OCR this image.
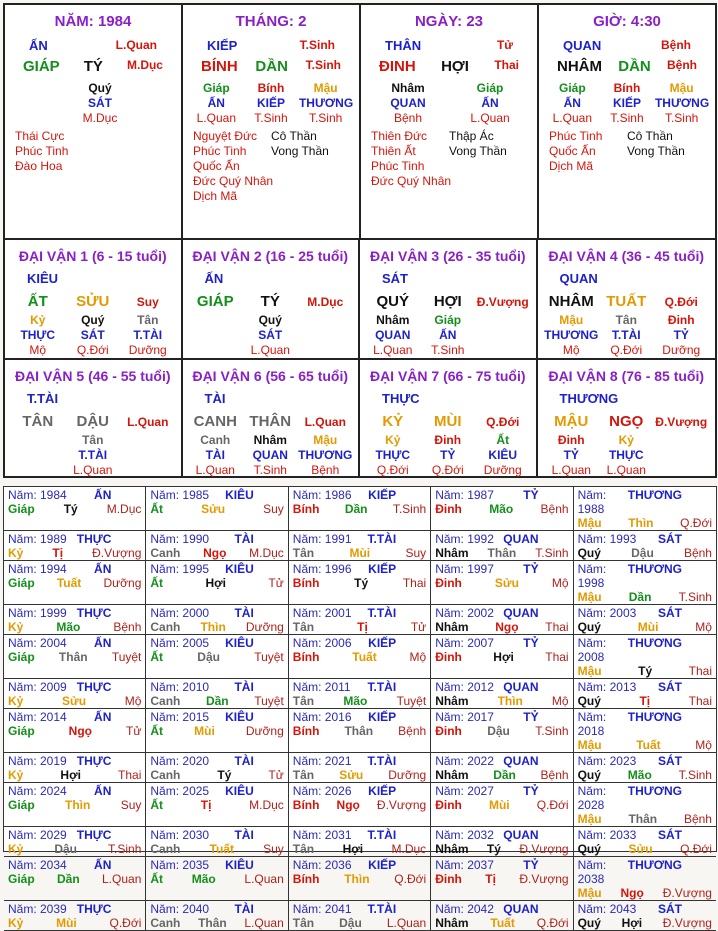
NĂM: 1984
ẤN	L.Quan
GIÁP TÝ M.Dục
Quý
SÁT
M.Dục
Thái Cực
Phúc Tinh
Đào Hoa
THÁNG: 2
KIẾP	T.Sinh
BÍNH DẦN T.Sinh
Giáp	Bính	Mậu
ẤN	KIẾP	THƯƠNG
L.Quan	T.Sinh	T.Sinh
Nguyệt Đức
Phúc Tinh
Quốc Ấn
Đức Quý Nhân
Dịch Mã
Cô Thần
Vong Thần
NGÀY: 23
THÂN	Tử
ĐINH HỢI Thai
Nhâm	Giáp
QUAN	ẤN
Bệnh	L.Quan
Thiên Đức
Thiên Ất
Phúc Tinh
Đức Quý Nhân
Thập Ác
Vong Thần
GIỜ: 4:30
QUAN	Bệnh
NHÂM DẦN Bệnh
Giáp	Bính	Mậu
ẤN	KIẾP	THƯƠNG
L.Quan	T.Sinh	T.Sinh
Phúc Tinh
Quốc Ấn
Dịch Mã
Cô Thần
Vong Thần
ĐẠI VẬN 1 (6 - 15 tuổi)
KIÊU
ẤT	SỬU	Suy
Kỷ	Quý	Tân
THỰC	SÁT	T.TÀI
Mộ	Q.Đới	Dưỡng
ĐẠI VẬN 2 (16 - 25 tuổi)
ẤN
GIÁP	TÝ	M.Dục
Quý
SÁT
L.Quan
ĐẠI VẬN 3 (26 - 35 tuổi)
SÁT
QUÝ	HỢI	Đ.Vượng
Nhâm	Giáp
QUAN	ẤN
L.Quan	T.Sinh
ĐẠI VẬN 4 (36 - 45 tuổi)
QUAN
NHÂM TUẤT	Q.Đới
Mậu	Tân	Đinh
THƯƠNG	T.TÀI	TỶ
Mộ	Q.Đới	Dưỡng
ĐẠI VẬN 5 (46 - 55 tuổi)
T.TÀI
TÂN	DẬU	L.Quan
Tân
T.TÀI
L.Quan
ĐẠI VẬN 6 (56 - 65 tuổi)
TÀI
CANH THÂN	L.Quan
Canh	Nhâm	Mậu
TÀI	QUAN THƯƠNG
L.Quan	T.Sinh	Bệnh
ĐẠI VẬN 7 (66 - 75 tuổi)
THỰC
KỶ	MÙI	Q.Đới
Kỷ	Đinh	Ất
THỰC	TỶ	KIÊU
Q.Đới	Q.Đới	Dưỡng
ĐẠI VẬN 8 (76 - 85 tuổi)
THƯƠNG
MẬU	NGỌ Đ.Vượng
Đinh	Kỷ
TỶ	THỰC
L.Quan	L.Quan
Năm: 1984 ẤN
Giáp Tý M.Dục
Năm: 1985 KIÊU
Ất	Sửu	Suy
Năm: 1986 KIẾP
Bính Dần T.Sinh
Năm: 1987 TỶ
Đinh Mão Bệnh
Năm: 1988
THƯƠNG
Mậu Thìn Q.Đới
Năm: 1989 THỰC
Kỷ Tị Đ.Vượng
Năm: 1990 TÀI
Canh Ngọ M.Dục
Năm: 1991 T.TÀI
Tân	Mùi	Suy
Năm: 1992 QUAN
Nhâm Thân T.Sinh
Năm: 1993 SÁT
Quý	Dậu	Bệnh
Năm: 1994 ẤN
Giáp Tuất Dưỡng
Năm: 1995 KIÊU
Ất	Hợi	Tử
Năm: 1996 KIẾP
Bính	Tý	Thai
Năm: 1997 TỶ
Đinh	Sửu	Mộ
Năm: 1998
THƯƠNG
Mậu Dần T.Sinh
Năm: 1999 THỰC
Kỷ	Mão	Bệnh
Năm: 2000 TÀI
Canh Thìn Dưỡng
Năm: 2001 T.TÀI
Tân	Tị	Tử
Năm: 2002 QUAN
Nhâm Ngọ Thai
Năm: 2003 SÁT
Quý	Mùi	Mộ
Năm: 2004 ẤN
Giáp Thân Tuyệt
Năm: 2005 KIÊU
Ất	Dậu	Tuyệt
Năm: 2006 KIẾP
Bính	Tuất	Mộ
Năm: 2007 TỶ
Đinh	Hợi	Thai
Năm: 2008
THƯƠNG
Mậu	Tý	Thai
Năm: 2009 THỰC
Kỷ	Sửu	Mộ
Năm: 2010 TÀI
Canh Dần Tuyệt
Năm: 2011 T.TÀI
Tân Mão Tuyệt
Năm: 2012 QUAN
Nhâm Thìn Mộ
Năm: 2013 SÁT
Quý	Tị	Thai
Năm: 2014 ẤN
Giáp	Ngọ	Tử
Năm: 2015 KIÊU
Ất	Mùi	Dưỡng
Năm: 2016 KIẾP
Bính Thân Bệnh
Năm: 2017 TỶ
Đinh Dậu T.Sinh
Năm: 2018
THƯƠNG
Mậu	Tuất	Mộ
Năm: 2019 THỰC
Kỷ	Hợi	Thai
Năm: 2020 TÀI
Canh	Tý	Tử
Năm: 2021 T.TÀI
Tân Sửu Dưỡng
Năm: 2022 QUAN
Nhâm Dần Bệnh
Năm: 2023 SÁT
Quý Mão T.Sinh
Năm: 2024 ẤN
Giáp	Thìn	Suy
Năm: 2025 KIÊU
Ất	Tị	M.Dục
Năm: 2026 KIẾP
Bính Ngọ Đ.Vượng
Năm: 2027 TỶ
Đinh Mùi Q.Đới
Năm: 2028
THƯƠNG
Mậu Thân Bệnh
Năm: 2029 THỰC
Kỷ	Dậu	T.Sinh
Năm: 2030 TÀI
Canh Tuất Suy
Năm: 2031 T.TÀI
Tân Hợi M.Dục
Năm: 2032 QUAN
Nhâm Tý Đ.Vượng
Năm: 2033 SÁT
Quý Sửu Q.Đới
Năm: 2034 ẤN
Giáp Dần L.Quan
Năm: 2035 KIÊU
Ất Mão L.Quan
Năm: 2036 KIẾP
Bính Thìn Q.Đới
Năm: 2037 TỶ
Đinh Tị Đ.Vượng
Năm: 2038
THƯƠNG
Mậu Ngọ Đ.Vượng
Năm: 2039 THỰC
Kỷ	Mùi	Q.Đới
Năm: 2040 TÀI
Canh Thân L.Quan
Năm: 2041 T.TÀI
Tân Dậu L.Quan
Năm: 2042 QUAN
Nhâm Tuất Q.Đới
Năm: 2043 SÁT
Quý Hợi Đ.Vượng
